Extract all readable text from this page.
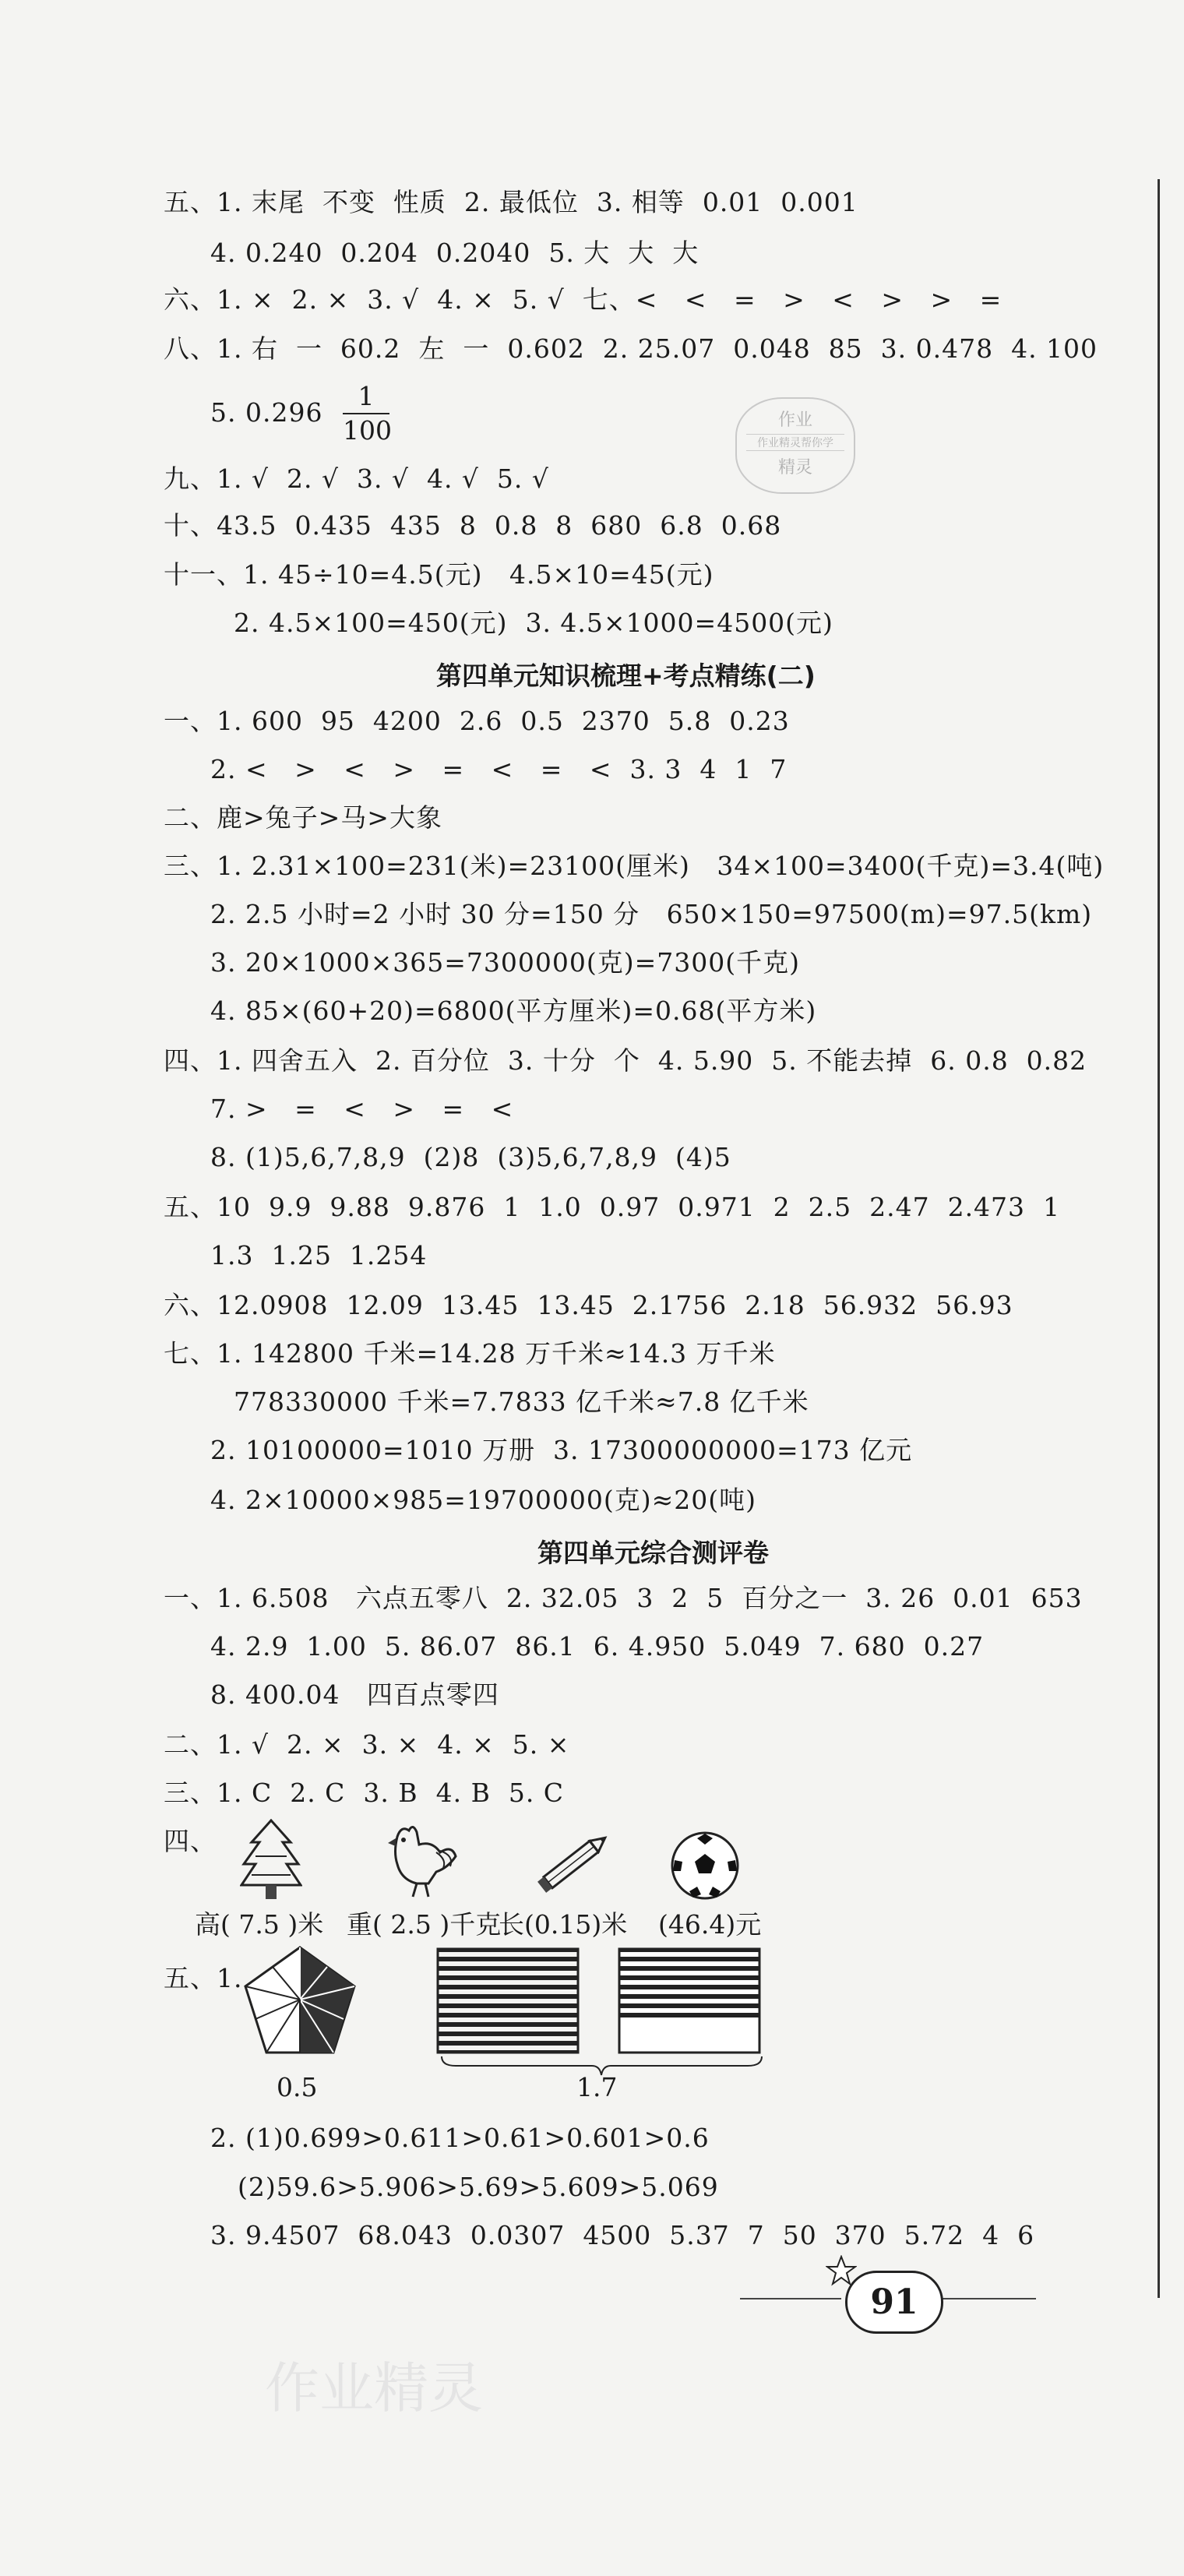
五、1. 末尾  不变  性质  2. 最低位  3. 相等  0.01  0.001
4. 0.240  0.204  0.2040  5. 大  大  大
六、1. ×  2. ×  3. √  4. ×  5. √  七、<   <   =   >   <   >   >   =
八、1. 右  一  60.2  左  一  0.602  2. 25.07  0.048  85  3. 0.478  4. 100
5. 0.296
1
100	作业
作业精灵帮你学
精灵
九、1. √  2. √  3. √  4. √  5. √
十、43.5  0.435  435  8  0.8  8  680  6.8  0.68
十一、1. 45÷10=4.5(元)   4.5×10=45(元)
2. 4.5×100=450(元)  3. 4.5×1000=4500(元)
第四单元知识梳理+考点精练(二)
一、1. 600  95  4200  2.6  0.5  2370  5.8  0.23
2. <   >   <   >   =   <   =   <  3. 3  4  1  7
二、鹿>兔子>马>大象
三、1. 2.31×100=231(米)=23100(厘米)   34×100=3400(千克)=3.4(吨)
2. 2.5 小时=2 小时 30 分=150 分   650×150=97500(m)=97.5(km)
3. 20×1000×365=7300000(克)=7300(千克)
4. 85×(60+20)=6800(平方厘米)=0.68(平方米)
四、1. 四舍五入  2. 百分位  3. 十分  个  4. 5.90  5. 不能去掉  6. 0.8  0.82
7. >   =   <   >   =   <
8. (1)5,6,7,8,9  (2)8  (3)5,6,7,8,9  (4)5
五、10  9.9  9.88  9.876  1  1.0  0.97  0.971  2  2.5  2.47  2.473  1
1.3  1.25  1.254
六、12.0908  12.09  13.45  13.45  2.1756  2.18  56.932  56.93
七、1. 142800 千米=14.28 万千米≈14.3 万千米
778330000 千米=7.7833 亿千米≈7.8 亿千米
2. 10100000=1010 万册  3. 17300000000=173 亿元
4. 2×10000×985=19700000(克)≈20(吨)
第四单元综合测评卷
一、1. 6.508   六点五零八  2. 32.05  3  2  5  百分之一  3. 26  0.01  653
4. 2.9  1.00  5. 86.07  86.1  6. 4.950  5.049  7. 680  0.27
8. 400.04   四百点零四
二、1. √  2. ×  3. ×  4. ×  5. ×
三、1. C  2. C  3. B  4. B  5. C
四、
高( 7.5 )米 重( 2.5 )千克
长(0.15)米 (46.4)元
五、1.
0.5	1.7
2. (1)0.699>0.611>0.61>0.601>0.6
(2)59.6>5.906>5.69>5.609>5.069
3. 9.4507  68.043  0.0307  4500  5.37  7  50  370  5.72  4  6
91
作业精灵
